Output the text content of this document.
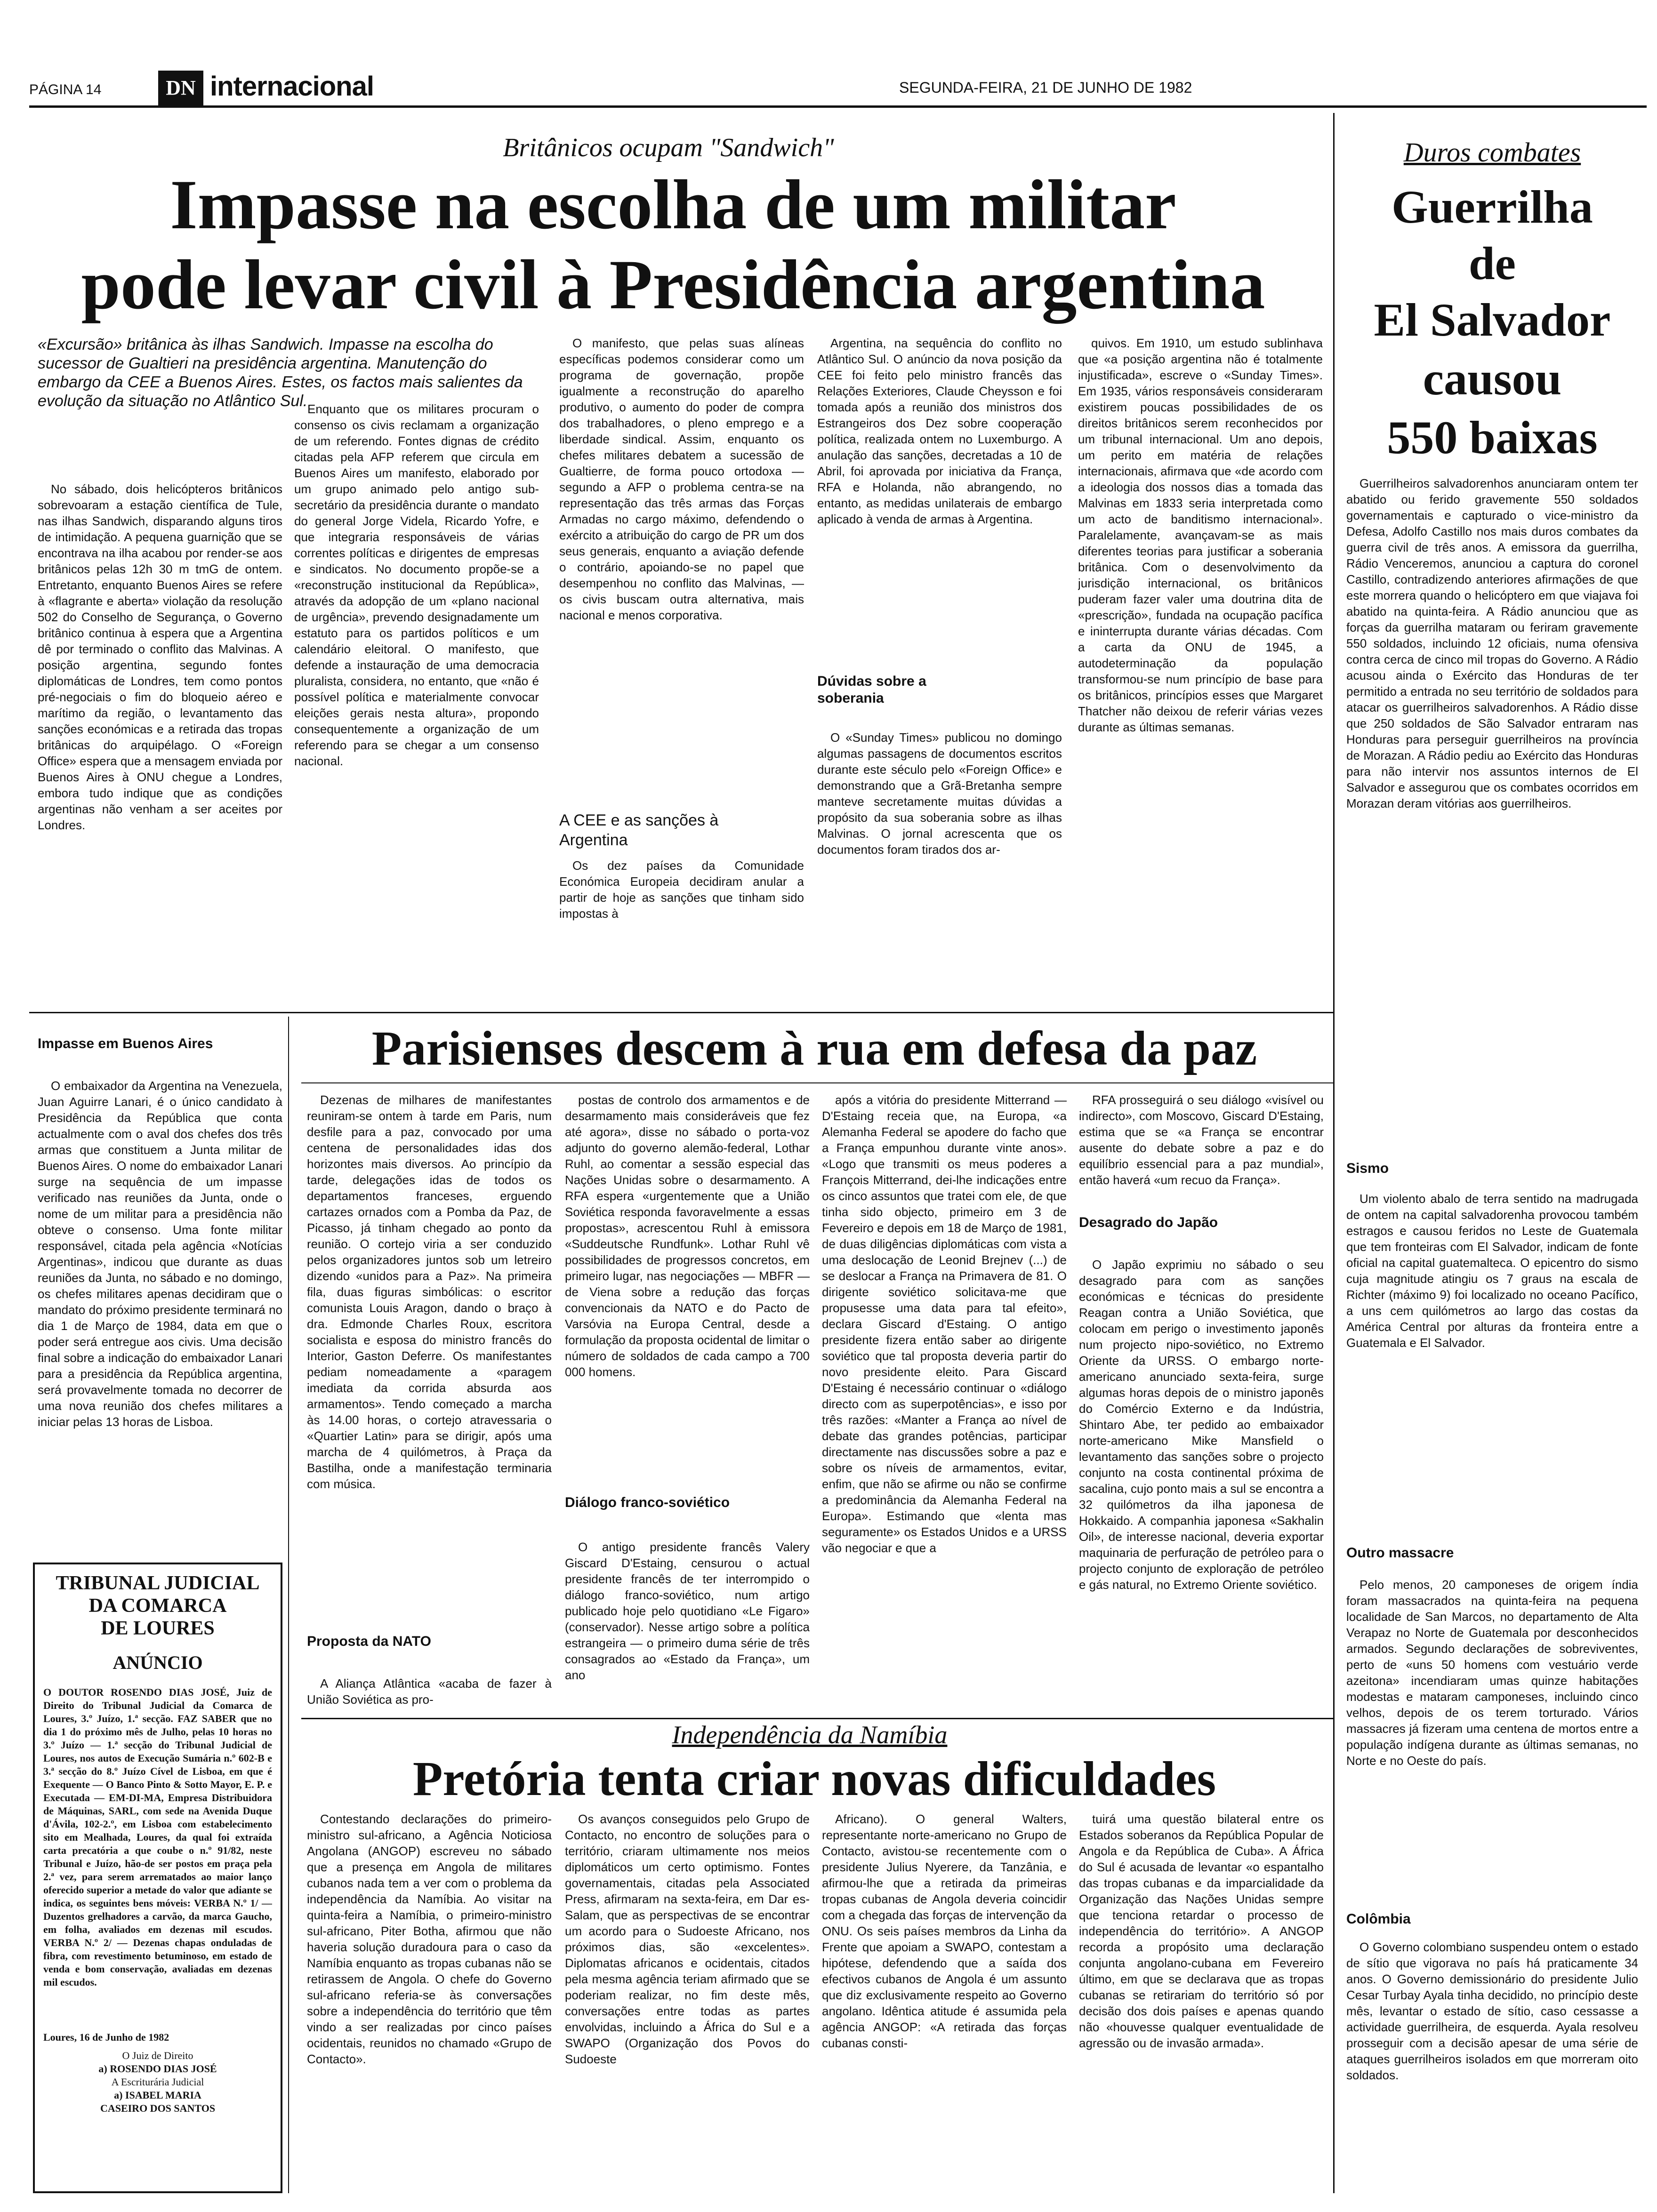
PÁGINA 14	DN internacional	SEGUNDA-FEIRA, 21 DE JUNHO DE 1982
Britânicos ocupam "Sandwich"
Impasse na escolha de um militar
pode levar civil à Presidência argentina
«Excursão» britânica às ilhas Sandwich. Impasse na escolha do sucessor de Gualtieri na presidência argentina. Manutenção do embargo da CEE a Buenos Aires. Estes, os factos mais salientes da evolução da situação no Atlântico Sul.

No sábado, dois helicópteros britânicos sobrevoaram a estação científica de Tule, nas ilhas Sandwich, disparando alguns tiros de intimidação. A pequena guarnição que se encontrava na ilha acabou por render-se aos britânicos pelas 12h 30 m tmG de ontem. Entretanto, enquanto Buenos Aires se refere à «flagrante e aberta» violação da resolução 502 do Conselho de Segurança, o Governo britânico continua à espera que a Argentina dê por terminado o conflito das Malvinas. A posição argentina, segundo fontes diplomáticas de Londres, tem como pontos pré-negociais o fim do bloqueio aéreo e marítimo da região, o levantamento das sanções económicas e a retirada das tropas britânicas do arquipélago. O «Foreign Office» espera que a mensagem enviada por Buenos Aires à ONU chegue a Londres, embora tudo indique que as condições argentinas não venham a ser aceites por Londres.

Enquanto que os militares procuram o consenso os civis reclamam a organização de um referendo. Fontes dignas de crédito citadas pela AFP referem que circula em Buenos Aires um manifesto, elaborado por um grupo animado pelo antigo sub-secretário da presidência durante o mandato do general Jorge Videla, Ricardo Yofre, e que integraria responsáveis de várias correntes políticas e dirigentes de empresas e sindicatos. No documento propõe-se a «reconstrução institucional da República», através da adopção de um «plano nacional de urgência», prevendo designadamente um estatuto para os partidos políticos e um calendário eleitoral. O manifesto, que defende a instauração de uma democracia pluralista, considera, no entanto, que «não é possível política e materialmente convocar eleições gerais nesta altura», propondo consequentemente a organização de um referendo para se chegar a um consenso nacional.

O manifesto, que pelas suas alíneas específicas podemos considerar como um programa de governação, propõe igualmente a reconstrução do aparelho produtivo, o aumento do poder de compra dos trabalhadores, o pleno emprego e a liberdade sindical. Assim, enquanto os chefes militares debatem a sucessão de Gualtierre, de forma pouco ortodoxa — segundo a AFP o problema centra-se na representação das três armas das Forças Armadas no cargo máximo, defendendo o exército a atribuição do cargo de PR um dos seus generais, enquanto a aviação defende o contrário, apoiando-se no papel que desempenhou no conflito das Malvinas, — os civis buscam outra alternativa, mais nacional e menos corporativa.

A CEE e as sanções à Argentina

Os dez países da Comunidade Económica Europeia decidiram anular a partir de hoje as sanções que tinham sido impostas à

Argentina, na sequência do conflito no Atlântico Sul. O anúncio da nova posição da CEE foi feito pelo ministro francês das Relações Exteriores, Claude Cheysson e foi tomada após a reunião dos ministros dos Estrangeiros dos Dez sobre cooperação política, realizada ontem no Luxemburgo. A anulação das sanções, decretadas a 10 de Abril, foi aprovada por iniciativa da França, RFA e Holanda, não abrangendo, no entanto, as medidas unilaterais de embargo aplicado à venda de armas à Argentina.

Dúvidas sobre a soberania

O «Sunday Times» publicou no domingo algumas passagens de documentos escritos durante este século pelo «Foreign Office» e demonstrando que a Grã-Bretanha sempre manteve secretamente muitas dúvidas a propósito da sua soberania sobre as ilhas Malvinas. O jornal acrescenta que os documentos foram tirados dos ar-

quivos. Em 1910, um estudo sublinhava que «a posição argentina não é totalmente injustificada», escreve o «Sunday Times». Em 1935, vários responsáveis consideraram existirem poucas possibilidades de os direitos britânicos serem reconhecidos por um tribunal internacional. Um ano depois, um perito em matéria de relações internacionais, afirmava que «de acordo com a ideologia dos nossos dias a tomada das Malvinas em 1833 seria interpretada como um acto de banditismo internacional». Paralelamente, avançavam-se as mais diferentes teorias para justificar a soberania britânica. Com o desenvolvimento da jurisdição internacional, os britânicos puderam fazer valer uma doutrina dita de «prescrição», fundada na ocupação pacífica e ininterrupta durante várias décadas. Com a carta da ONU de 1945, a autodeterminação da população transformou-se num princípio de base para os britânicos, princípios esses que Margaret Thatcher não deixou de referir várias vezes durante as últimas semanas.

Duros combates
Guerrilha
de
El Salvador
causou
550 baixas

Guerrilheiros salvadorenhos anunciaram ontem ter abatido ou ferido gravemente 550 soldados governamentais e capturado o vice-ministro da Defesa, Adolfo Castillo nos mais duros combates da guerra civil de três anos. A emissora da guerrilha, Rádio Venceremos, anunciou a captura do coronel Castillo, contradizendo anteriores afirmações de que este morrera quando o helicóptero em que viajava foi abatido na quinta-feira. A Rádio anunciou que as forças da guerrilha mataram ou feriram gravemente 550 soldados, incluindo 12 oficiais, numa ofensiva contra cerca de cinco mil tropas do Governo. A Rádio acusou ainda o Exército das Honduras de ter permitido a entrada no seu território de soldados para atacar os guerrilheiros salvadorenhos. A Rádio disse que 250 soldados de São Salvador entraram nas Honduras para perseguir guerrilheiros na província de Morazan. A Rádio pediu ao Exército das Honduras para não intervir nos assuntos internos de El Salvador e assegurou que os combates ocorridos em Morazan deram vitórias aos guerrilheiros.

Sismo

Um violento abalo de terra sentido na madrugada de ontem na capital salvadorenha provocou também estragos e causou feridos no Leste de Guatemala que tem fronteiras com El Salvador, indicam de fonte oficial na capital guatemalteca. O epicentro do sismo cuja magnitude atingiu os 7 graus na escala de Richter (máximo 9) foi localizado no oceano Pacífico, a uns cem quilómetros ao largo das costas da América Central por alturas da fronteira entre a Guatemala e El Salvador.

Outro massacre

Pelo menos, 20 camponeses de origem índia foram massacrados na quinta-feira na pequena localidade de San Marcos, no departamento de Alta Verapaz no Norte de Guatemala por desconhecidos armados. Segundo declarações de sobreviventes, perto de «uns 50 homens com vestuário verde azeitona» incendiaram umas quinze habitações modestas e mataram camponeses, incluindo cinco velhos, depois de os terem torturado. Vários massacres já fizeram uma centena de mortos entre a população indígena durante as últimas semanas, no Norte e no Oeste do país.

Colômbia

O Governo colombiano suspendeu ontem o estado de sítio que vigorava no país há praticamente 34 anos. O Governo demissionário do presidente Julio Cesar Turbay Ayala tinha decidido, no princípio deste mês, levantar o estado de sítio, caso cessasse a actividade guerrilheira, de esquerda. Ayala resolveu prosseguir com a decisão apesar de uma série de ataques guerrilheiros isolados em que morreram oito soldados.

Impasse em Buenos Aires

O embaixador da Argentina na Venezuela, Juan Aguirre Lanari, é o único candidato à Presidência da República que conta actualmente com o aval dos chefes dos três armas que constituem a Junta militar de Buenos Aires. O nome do embaixador Lanari surge na sequência de um impasse verificado nas reuniões da Junta, onde o nome de um militar para a presidência não obteve o consenso. Uma fonte militar responsável, citada pela agência «Notícias Argentinas», indicou que durante as duas reuniões da Junta, no sábado e no domingo, os chefes militares apenas decidiram que o mandato do próximo presidente terminará no dia 1 de Março de 1984, data em que o poder será entregue aos civis. Uma decisão final sobre a indicação do embaixador Lanari para a presidência da República argentina, será provavelmente tomada no decorrer de uma nova reunião dos chefes militares a iniciar pelas 13 horas de Lisboa.

TRIBUNAL JUDICIAL
DA COMARCA
DE LOURES
ANÚNCIO
O DOUTOR ROSENDO DIAS JOSÉ, Juiz de Direito do Tribunal Judicial da Comarca de Loures, 3.º Juízo, 1.ª secção. FAZ SABER que no dia 1 do próximo mês de Julho, pelas 10 horas no 3.º Juízo — 1.ª secção do Tribunal Judicial de Loures, nos autos de Execução Sumária n.º 602-B e 3.ª secção do 8.º Juízo Cível de Lisboa, em que é Exequente — O Banco Pinto & Sotto Mayor, E. P. e Executada — EM-DI-MA, Empresa Distribuidora de Máquinas, SARL, com sede na Avenida Duque d'Ávila, 102-2.º, em Lisboa com estabelecimento sito em Mealhada, Loures, da qual foi extraída carta precatória a que coube o n.º 91/82, neste Tribunal e Juízo, hão-de ser postos em praça pela 2.ª vez, para serem arrematados ao maior lanço oferecido superior a metade do valor que adiante se indica, os seguintes bens móveis: VERBA N.º 1/ — Duzentos grelhadores a carvão, da marca Gaucho, em folha, avaliados em dezenas mil escudos. VERBA N.º 2/ — Dezenas chapas onduladas de fibra, com revestimento betuminoso, em estado de venda e bom conservação, avaliadas em dezenas mil escudos.
Loures, 16 de Junho de 1982
O Juiz de Direito
a) ROSENDO DIAS JOSÉ
A Escriturária Judicial
a) ISABEL MARIA
CASEIRO DOS SANTOS
Parisienses descem à rua em defesa da paz

Dezenas de milhares de manifestantes reuniram-se ontem à tarde em Paris, num desfile para a paz, convocado por uma centena de personalidades idas dos horizontes mais diversos. Ao princípio da tarde, delegações idas de todos os departamentos franceses, erguendo cartazes ornados com a Pomba da Paz, de Picasso, já tinham chegado ao ponto da reunião. O cortejo viria a ser conduzido pelos organizadores juntos sob um letreiro dizendo «unidos para a Paz». Na primeira fila, duas figuras simbólicas: o escritor comunista Louis Aragon, dando o braço à dra. Edmonde Charles Roux, escritora socialista e esposa do ministro francês do Interior, Gaston Deferre. Os manifestantes pediam nomeadamente a «paragem imediata da corrida absurda aos armamentos». Tendo começado a marcha às 14.00 horas, o cortejo atravessaria o «Quartier Latin» para se dirigir, após uma marcha de 4 quilómetros, à Praça da Bastilha, onde a manifestação terminaria com música.

Proposta da NATO

A Aliança Atlântica «acaba de fazer à União Soviética as pro-

postas de controlo dos armamentos e de desarmamento mais consideráveis que fez até agora», disse no sábado o porta-voz adjunto do governo alemão-federal, Lothar Ruhl, ao comentar a sessão especial das Nações Unidas sobre o desarmamento. A RFA espera «urgentemente que a União Soviética responda favoravelmente a essas propostas», acrescentou Ruhl à emissora «Suddeutsche Rundfunk». Lothar Ruhl vê possibilidades de progressos concretos, em primeiro lugar, nas negociações — MBFR — de Viena sobre a redução das forças convencionais da NATO e do Pacto de Varsóvia na Europa Central, desde a formulação da proposta ocidental de limitar o número de soldados de cada campo a 700 000 homens.

Diálogo franco-soviético

O antigo presidente francês Valery Giscard D'Estaing, censurou o actual presidente francês de ter interrompido o diálogo franco-soviético, num artigo publicado hoje pelo quotidiano «Le Figaro» (conservador). Nesse artigo sobre a política estrangeira — o primeiro duma série de três consagrados ao «Estado da França», um ano

após a vitória do presidente Mitterrand — D'Estaing receia que, na Europa, «a Alemanha Federal se apodere do facho que a França empunhou durante vinte anos». «Logo que transmiti os meus poderes a François Mitterrand, dei-lhe indicações entre os cinco assuntos que tratei com ele, de que tinha sido objecto, primeiro em 3 de Fevereiro e depois em 18 de Março de 1981, de duas diligências diplomáticas com vista a uma deslocação de Leonid Brejnev (...) de se deslocar a França na Primavera de 81. O dirigente soviético solicitava-me que propusesse uma data para tal efeito», declara Giscard d'Estaing. O antigo presidente fizera então saber ao dirigente soviético que tal proposta deveria partir do novo presidente eleito. Para Giscard D'Estaing é necessário continuar o «diálogo directo com as superpotências», e isso por três razões: «Manter a França ao nível de debate das grandes potências, participar directamente nas discussões sobre a paz e sobre os níveis de armamentos, evitar, enfim, que não se afirme ou não se confirme a predominância da Alemanha Federal na Europa». Estimando que «lenta mas seguramente» os Estados Unidos e a URSS vão negociar e que a

RFA prosseguirá o seu diálogo «visível ou indirecto», com Moscovo, Giscard D'Estaing, estima que se «a França se encontrar ausente do debate sobre a paz e do equilíbrio essencial para a paz mundial», então haverá «um recuo da França».

Desagrado do Japão

O Japão exprimiu no sábado o seu desagrado para com as sanções económicas e técnicas do presidente Reagan contra a União Soviética, que colocam em perigo o investimento japonês num projecto nipo-soviético, no Extremo Oriente da URSS. O embargo norte-americano anunciado sexta-feira, surge algumas horas depois de o ministro japonês do Comércio Externo e da Indústria, Shintaro Abe, ter pedido ao embaixador norte-americano Mike Mansfield o levantamento das sanções sobre o projecto conjunto na costa continental próxima de sacalina, cujo ponto mais a sul se encontra a 32 quilómetros da ilha japonesa de Hokkaido. A companhia japonesa «Sakhalin Oil», de interesse nacional, deveria exportar maquinaria de perfuração de petróleo para o projecto conjunto de exploração de petróleo e gás natural, no Extremo Oriente soviético.

Independência da Namíbia
Pretória tenta criar novas dificuldades

Contestando declarações do primeiro-ministro sul-africano, a Agência Noticiosa Angolana (ANGOP) escreveu no sábado que a presença em Angola de militares cubanos nada tem a ver com o problema da independência da Namíbia. Ao visitar na quinta-feira a Namíbia, o primeiro-ministro sul-africano, Piter Botha, afirmou que não haveria solução duradoura para o caso da Namíbia enquanto as tropas cubanas não se retirassem de Angola. O chefe do Governo sul-africano referia-se às conversações sobre a independência do território que têm vindo a ser realizadas por cinco países ocidentais, reunidos no chamado «Grupo de Contacto».

Os avanços conseguidos pelo Grupo de Contacto, no encontro de soluções para o território, criaram ultimamente nos meios diplomáticos um certo optimismo. Fontes governamentais, citadas pela Associated Press, afirmaram na sexta-feira, em Dar es-Salam, que as perspectivas de se encontrar um acordo para o Sudoeste Africano, nos próximos dias, são «excelentes». Diplomatas africanos e ocidentais, citados pela mesma agência teriam afirmado que se poderiam realizar, no fim deste mês, conversações entre todas as partes envolvidas, incluindo a África do Sul e a SWAPO (Organização dos Povos do Sudoeste

Africano). O general Walters, representante norte-americano no Grupo de Contacto, avistou-se recentemente com o presidente Julius Nyerere, da Tanzânia, e afirmou-lhe que a retirada da primeiras tropas cubanas de Angola deveria coincidir com a chegada das forças de intervenção da ONU. Os seis países membros da Linha da Frente que apoiam a SWAPO, contestam a hipótese, defendendo que a saída dos efectivos cubanos de Angola é um assunto que diz exclusivamente respeito ao Governo angolano. Idêntica atitude é assumida pela agência ANGOP: «A retirada das forças cubanas consti-

tuirá uma questão bilateral entre os Estados soberanos da República Popular de Angola e da República de Cuba». A África do Sul é acusada de levantar «o espantalho das tropas cubanas e da imparcialidade da Organização das Nações Unidas sempre que tenciona retardar o processo de independência do território». A ANGOP recorda a propósito uma declaração conjunta angolano-cubana em Fevereiro último, em que se declarava que as tropas cubanas se retirariam do território só por decisão dos dois países e apenas quando não «houvesse qualquer eventualidade de agressão ou de invasão armada».
